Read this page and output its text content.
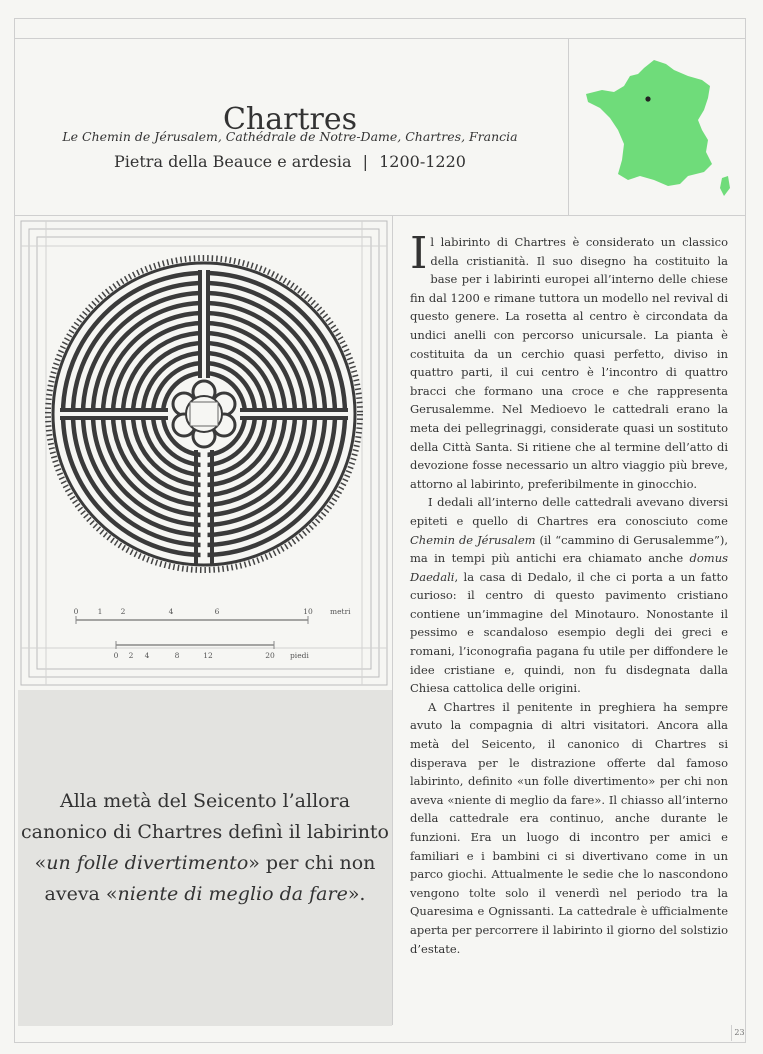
Chartres
Le Chemin de Jérusalem, Cathédrale de Notre-Dame, Chartres, Francia
Pietra della Beauce e ardesia | 1200-1220
0	1 2	4	6	10 metri
0 2 4	8	12	20 piedi
Alla metà del Seicento l’allora canonico di Chartres definì il labirinto «un folle divertimento» per chi non aveva «niente di meglio da fare».

Il labirinto di Chartres è considerato un classico della cristianità. Il suo disegno ha costituito la base per i labirinti europei all’interno delle chiese fin dal 1200 e rimane tuttora un modello nel revival di questo genere. La rosetta al centro è circondata da undici anelli con percorso unicursale. La pianta è costituita da un cerchio quasi perfetto, diviso in quattro parti, il cui centro è l’incontro di quattro bracci che formano una croce e che rappresenta Gerusalemme. Nel Medioevo le cattedrali erano la meta dei pellegrinaggi, considerate quasi un sostituto della Città Santa. Si ritiene che al termine dell’atto di devozione fosse necessario un altro viaggio più breve, attorno al labirinto, preferibilmente in ginocchio.

I dedali all’interno delle cattedrali avevano diversi epiteti e quello di Chartres era conosciuto come Chemin de Jérusalem (il “cammino di Gerusalemme”), ma in tempi più antichi era chiamato anche domus Daedali, la casa di Dedalo, il che ci porta a un fatto curioso: il centro di questo pavimento cristiano contiene un’immagine del Minotauro. Nonostante il pessimo e scandaloso esempio degli dei greci e romani, l’iconografia pagana fu utile per diffondere le idee cristiane e, quindi, non fu disdegnata dalla Chiesa cattolica delle origini.

A Chartres il penitente in preghiera ha sempre avuto la compagnia di altri visitatori. Ancora alla metà del Seicento, il canonico di Chartres si disperava per le distrazione offerte dal famoso labirinto, definito «un folle divertimento» per chi non aveva «niente di meglio da fare». Il chiasso all’interno della cattedrale era continuo, anche durante le funzioni. Era un luogo di incontro per amici e familiari e i bambini ci si divertivano come in un parco giochi. Attualmente le sedie che lo nascondono vengono tolte solo il venerdì nel periodo tra la Quaresima e Ognissanti. La cattedrale è ufficialmente aperta per percorrere il labirinto il giorno del solstizio d’estate.

23
